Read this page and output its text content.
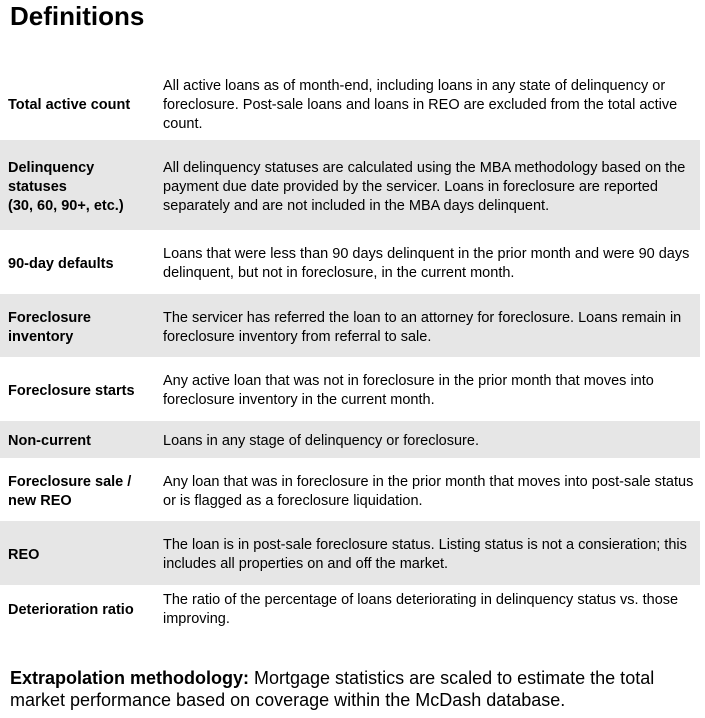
Definitions
Total active count
All active loans as of month-end, including loans in any state of delinquency or foreclosure. Post-sale loans and loans in REO are excluded from the total active count.
Delinquency statuses
(30, 60, 90+, etc.)
All delinquency statuses are calculated using the MBA methodology based on the payment due date provided by the servicer. Loans in foreclosure are reported separately and are not included in the MBA days delinquent.
90-day defaults
Loans that were less than 90 days delinquent in the prior month and were 90 days delinquent, but not in foreclosure, in the current month.
Foreclosure inventory
The servicer has referred the loan to an attorney for foreclosure. Loans remain in foreclosure inventory from referral to sale.
Foreclosure starts
Any active loan that was not in foreclosure in the prior month that moves into foreclosure inventory in the current month.
Non-current	Loans in any stage of delinquency or foreclosure.
Foreclosure sale / new REO
Any loan that was in foreclosure in the prior month that moves into post-sale status or is flagged as a foreclosure liquidation.
REO
The loan is in post-sale foreclosure status. Listing status is not a consieration; this includes all properties on and off the market.
Deterioration ratio
The ratio of the percentage of loans deteriorating in delinquency status vs. those improving.

Extrapolation methodology: Mortgage statistics are scaled to estimate the total market performance based on coverage within the McDash database.
